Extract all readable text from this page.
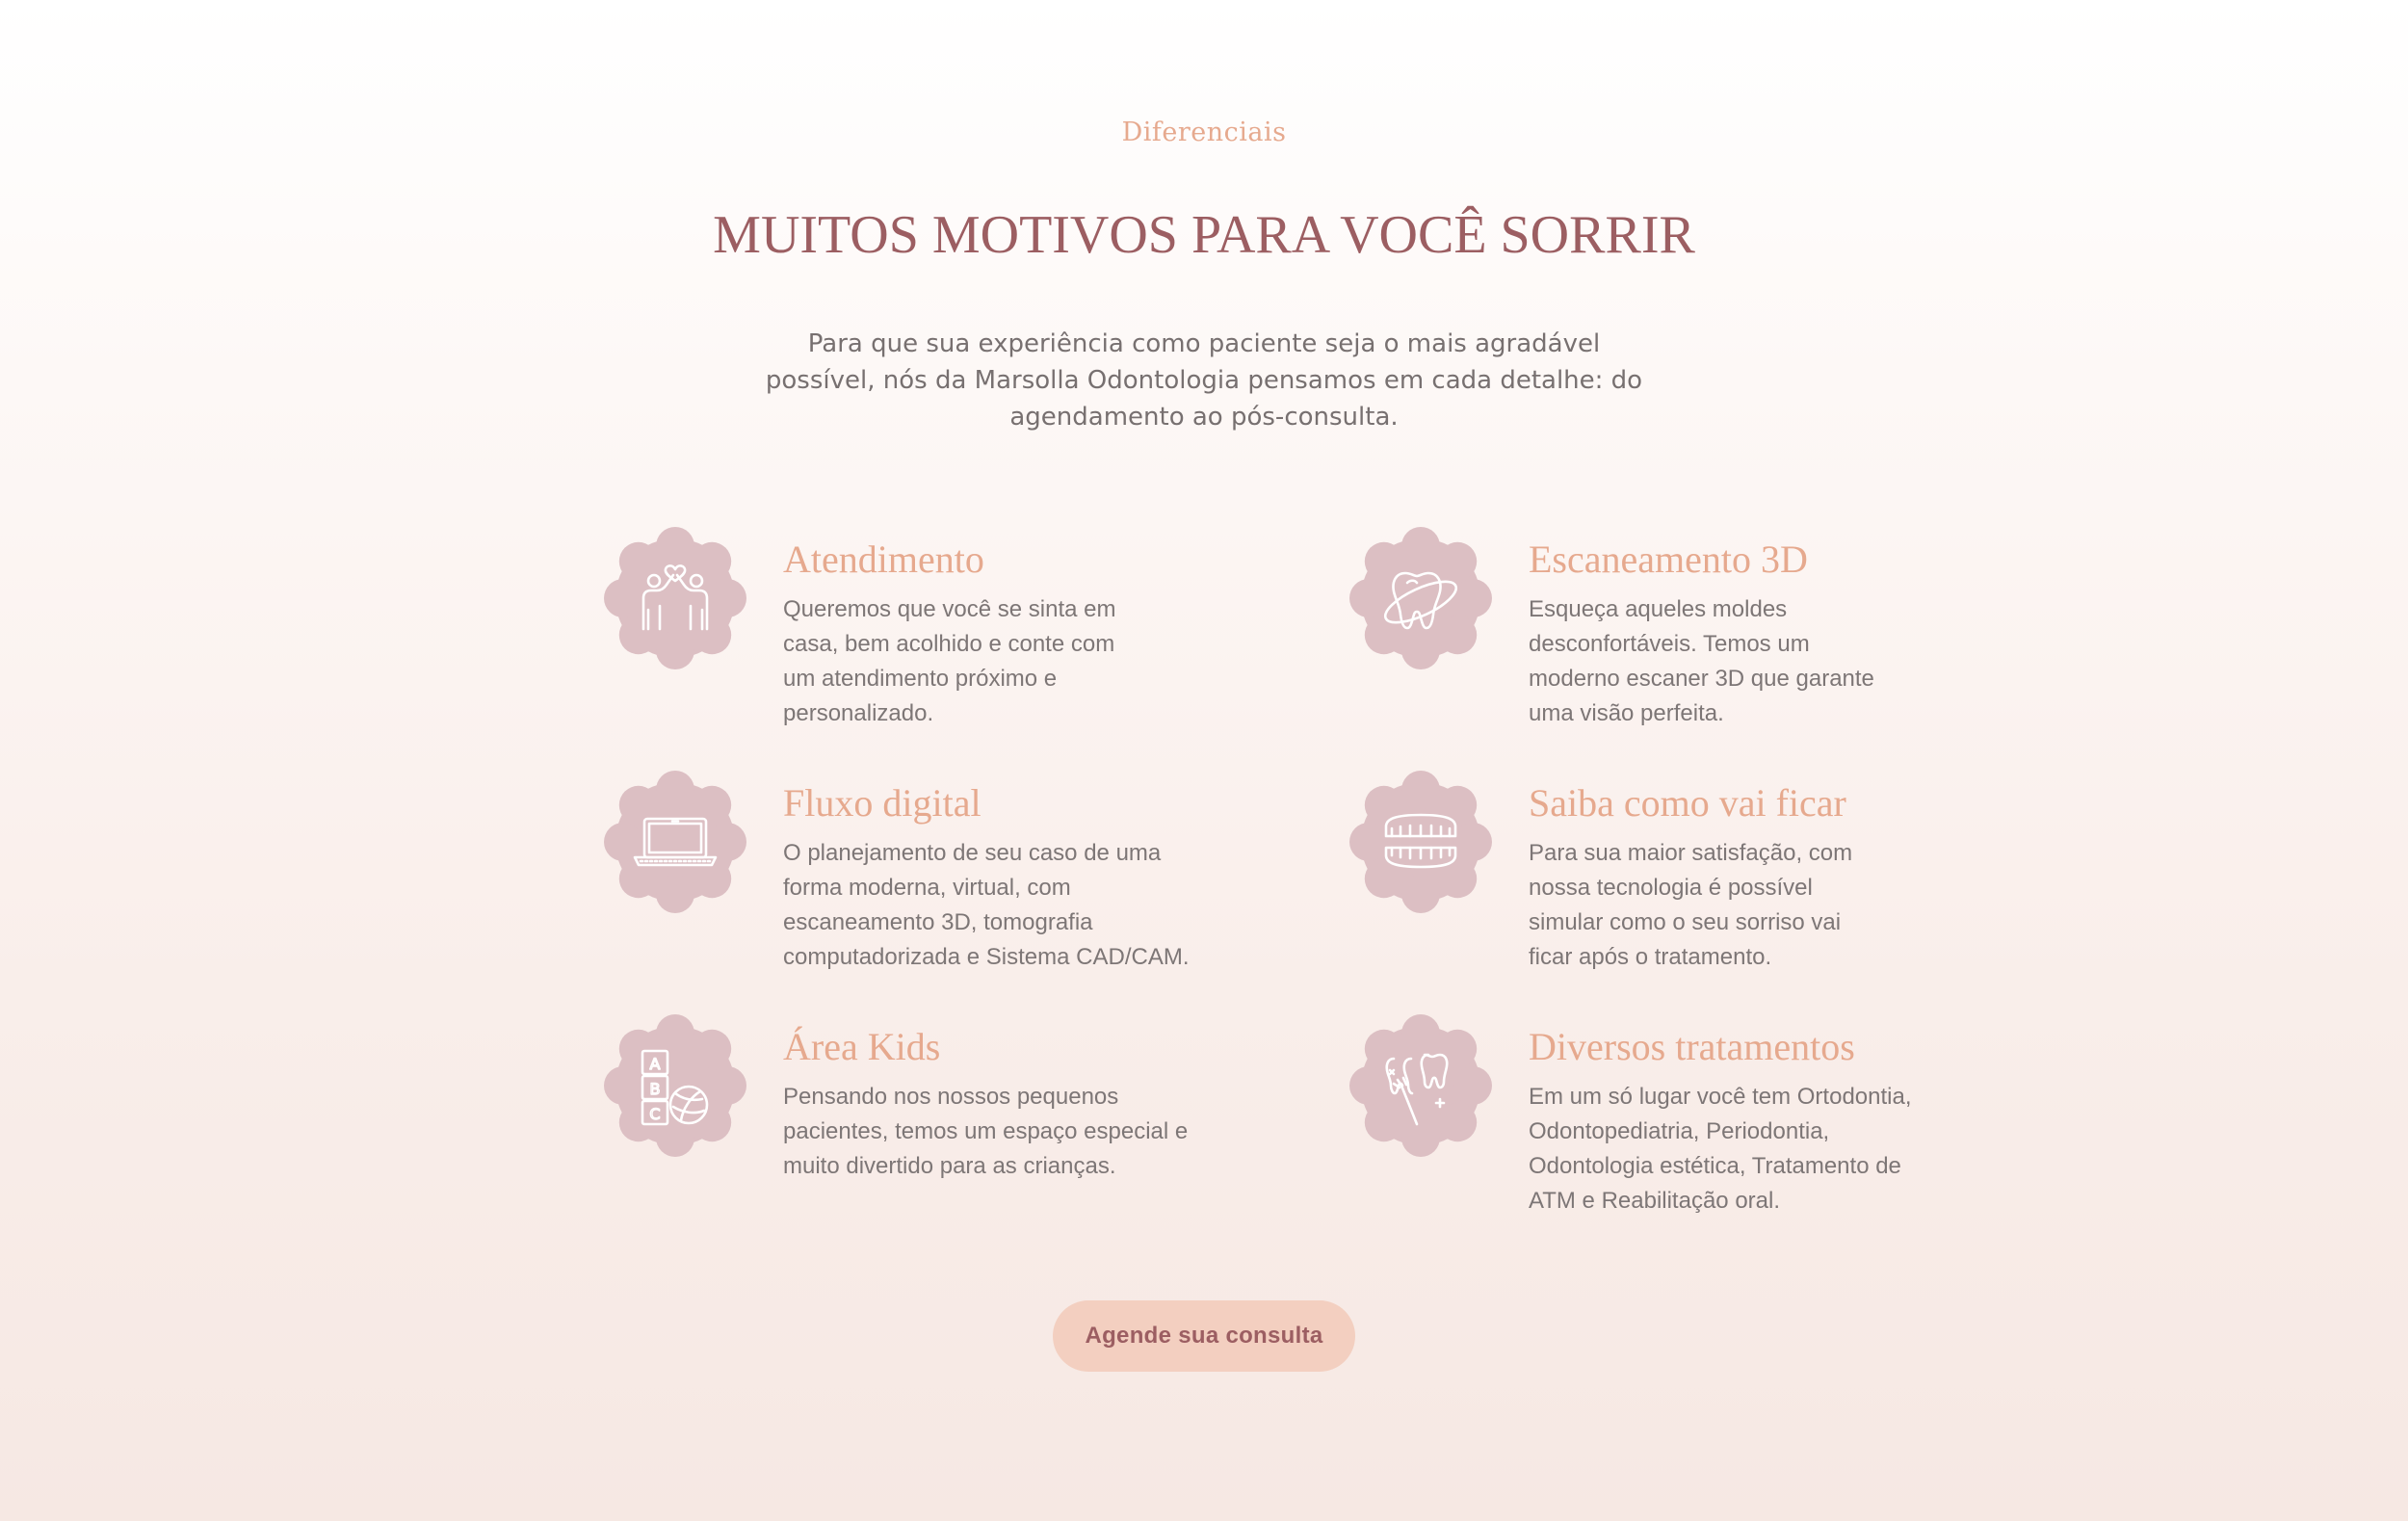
Diferenciais
MUITOS MOTIVOS PARA VOCÊ SORRIR

Para que sua experiência como paciente seja o mais agradável possível, nós da Marsolla Odontologia pensamos em cada detalhe: do agendamento ao pós-consulta.

Atendimento

Queremos que você se sinta em casa, bem acolhido e conte com um atendimento próximo e personalizado.

Escaneamento 3D

Esqueça aqueles moldes desconfortáveis. Temos um moderno escaner 3D que garante uma visão perfeita.

Fluxo digital

O planejamento de seu caso de uma forma moderna, virtual, com escaneamento 3D, tomografia computadorizada e Sistema CAD/CAM.

Saiba como vai ficar

Para sua maior satisfação, com nossa tecnologia é possível simular como o seu sorriso vai ficar após o tratamento.

A
B
C
Área Kids

Pensando nos nossos pequenos pacientes, temos um espaço especial e muito divertido para as crianças.

Diversos tratamentos

Em um só lugar você tem Ortodontia, Odontopediatria, Periodontia, Odontologia estética, Tratamento de ATM e Reabilitação oral.

Agende sua consulta
